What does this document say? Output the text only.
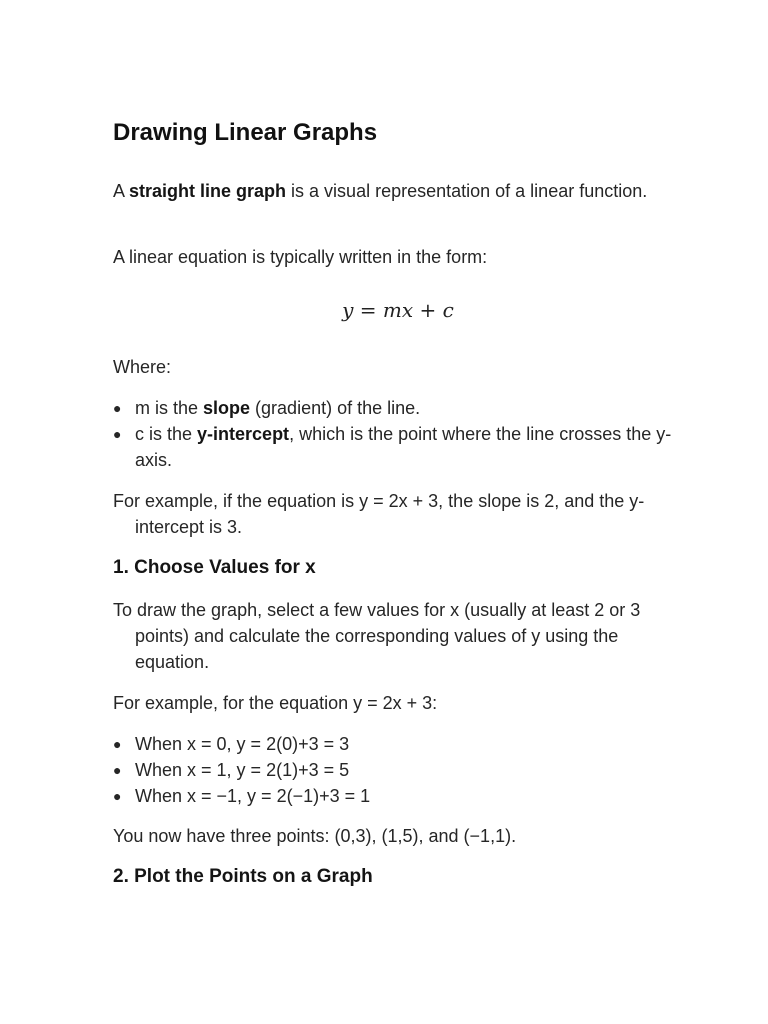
Drawing Linear Graphs

A straight line graph is a visual representation of a linear function.

A linear equation is typically written in the form:

y = mx + c

Where:

● m is the slope (gradient) of the line.
● c is the y-intercept, which is the point where the line crosses the y-axis.

For example, if the equation is y = 2x + 3, the slope is 2, and the y-intercept is 3.

1. Choose Values for x

To draw the graph, select a few values for x (usually at least 2 or 3 points) and calculate the corresponding values of y using the equation.

For example, for the equation y = 2x + 3:

● When x = 0, y = 2(0)+3 = 3
● When x = 1, y = 2(1)+3 = 5
● When x = −1, y = 2(−1)+3 = 1

You now have three points: (0,3), (1,5), and (−1,1).

2. Plot the Points on a Graph
